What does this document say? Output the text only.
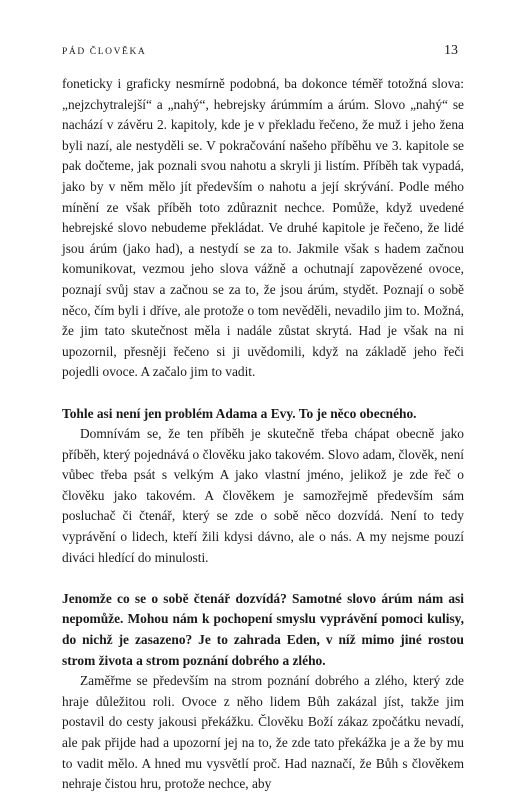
PÁD ČLOVĚKA	13

foneticky i graficky nesmírně podobná, ba dokonce téměř totožná slova: „nejzchytralejší“ a „nahý“, hebrejsky árúmmím a árúm. Slovo „nahý“ se nachází v závěru 2. kapitoly, kde je v překladu řečeno, že muž i jeho žena byli nazí, ale nestyděli se. V pokračování našeho příběhu ve 3. kapitole se pak dočteme, jak poznali svou nahotu a skryli ji listím. Příběh tak vypadá, jako by v něm mělo jít především o nahotu a její skrývání. Podle mého mínění ze však příběh toto zdůraznit nechce. Pomůže, když uvedené hebrejské slovo nebudeme překládat. Ve druhé kapitole je řečeno, že lidé jsou árúm (jako had), a nestydí se za to. Jakmile však s hadem začnou komunikovat, vezmou jeho slova vážně a ochutnají zapovězené ovoce, poznají svůj stav a začnou se za to, že jsou árúm, stydět. Poznají o sobě něco, čím byli i dříve, ale protože o tom nevěděli, nevadilo jim to. Možná, že jim tato skutečnost měla i nadále zůstat skrytá. Had je však na ni upozornil, přesněji řečeno si ji uvědomili, když na základě jeho řeči pojedli ovoce. A začalo jim to vadit.

Tohle asi není jen problém Adama a Evy. To je něco obecného.

Domnívám se, že ten příběh je skutečně třeba chápat obecně jako příběh, který pojednává o člověku jako takovém. Slovo adam, člověk, není vůbec třeba psát s velkým A jako vlastní jméno, jelikož je zde řeč o člověku jako takovém. A člověkem je samozřejmě především sám posluchač či čtenář, který se zde o sobě něco dozvídá. Není to tedy vyprávění o lidech, kteří žili kdysi dávno, ale o nás. A my nejsme pouzí diváci hledící do minulosti.

Jenomže co se o sobě čtenář dozvídá? Samotné slovo árúm nám asi nepomůže. Mohou nám k pochopení smyslu vyprávění pomoci kulisy, do nichž je zasazeno? Je to zahrada Eden, v níž mimo jiné rostou strom života a strom poznání dobrého a zlého.

Zaměřme se především na strom poznání dobrého a zlého, který zde hraje důležitou roli. Ovoce z něho lidem Bůh zakázal jíst, takže jim postavil do cesty jakousi překážku. Člověku Boží zákaz zpočátku nevadí, ale pak přijde had a upozorní jej na to, že zde tato překážka je a že by mu to vadit mělo. A hned mu vysvětlí proč. Had naznačí, že Bůh s člověkem nehraje čistou hru, protože nechce, aby
